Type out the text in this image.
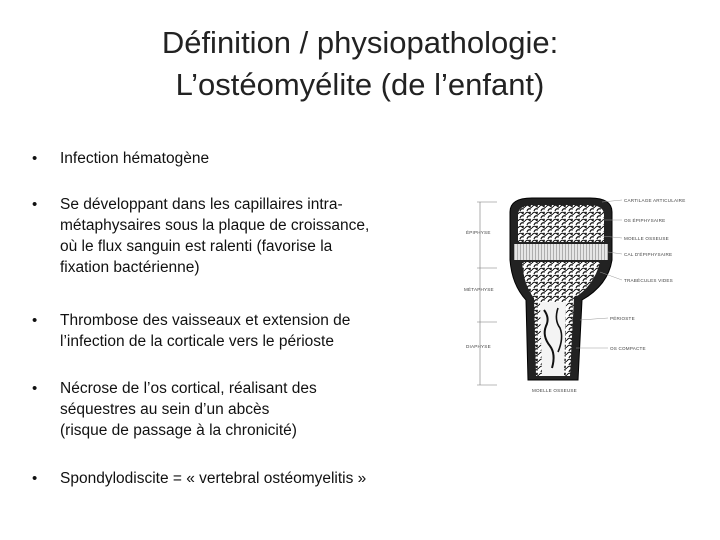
Définition / physiopathologie:
L’ostéomyélite (de l’enfant)
• Infection hématogène
• Se développant dans les capillaires intra-
métaphysaires sous la plaque de croissance,
où le flux sanguin est ralenti (favorise la
fixation bactérienne)
• Thrombose des vaisseaux et extension de
l’infection de la corticale vers le périoste
• Nécrose de l’os cortical, réalisant des
séquestres au sein d’un abcès
(risque de passage à la chronicité)
• Spondylodiscite = « vertebral ostéomyelitis »
ÉPIPHYSE
MÉTAPHYSE
DIAPHYSE
CARTILAGE ARTICULAIRE
OS ÉPIPHYSAIRE
MOELLE OSSEUSE
CAL D'ÉPIPHYSAIRE
TRABÉCULES VIDES
PÉRIOSTE
OS COMPACTE
MOELLE OSSEUSE
